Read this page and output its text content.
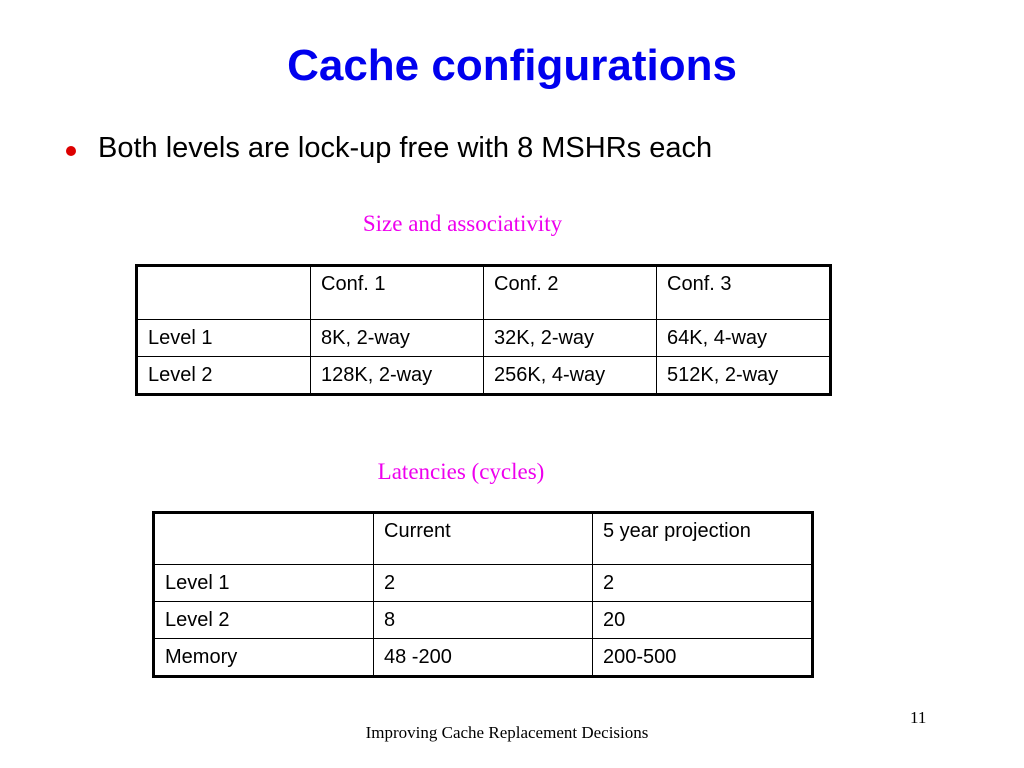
Cache configurations
Both levels are lock-up free with 8 MSHRs each
Size and associativity
	Conf. 1	Conf. 2	Conf. 3
Level 1	8K, 2-way	32K, 2-way	64K, 4-way
Level 2	128K, 2-way	256K, 4-way	512K, 2-way
Latencies (cycles)
	Current	5 year projection
Level 1	2	2
Level 2	8	20
Memory	48 -200	200-500
11
Improving Cache Replacement Decisions
